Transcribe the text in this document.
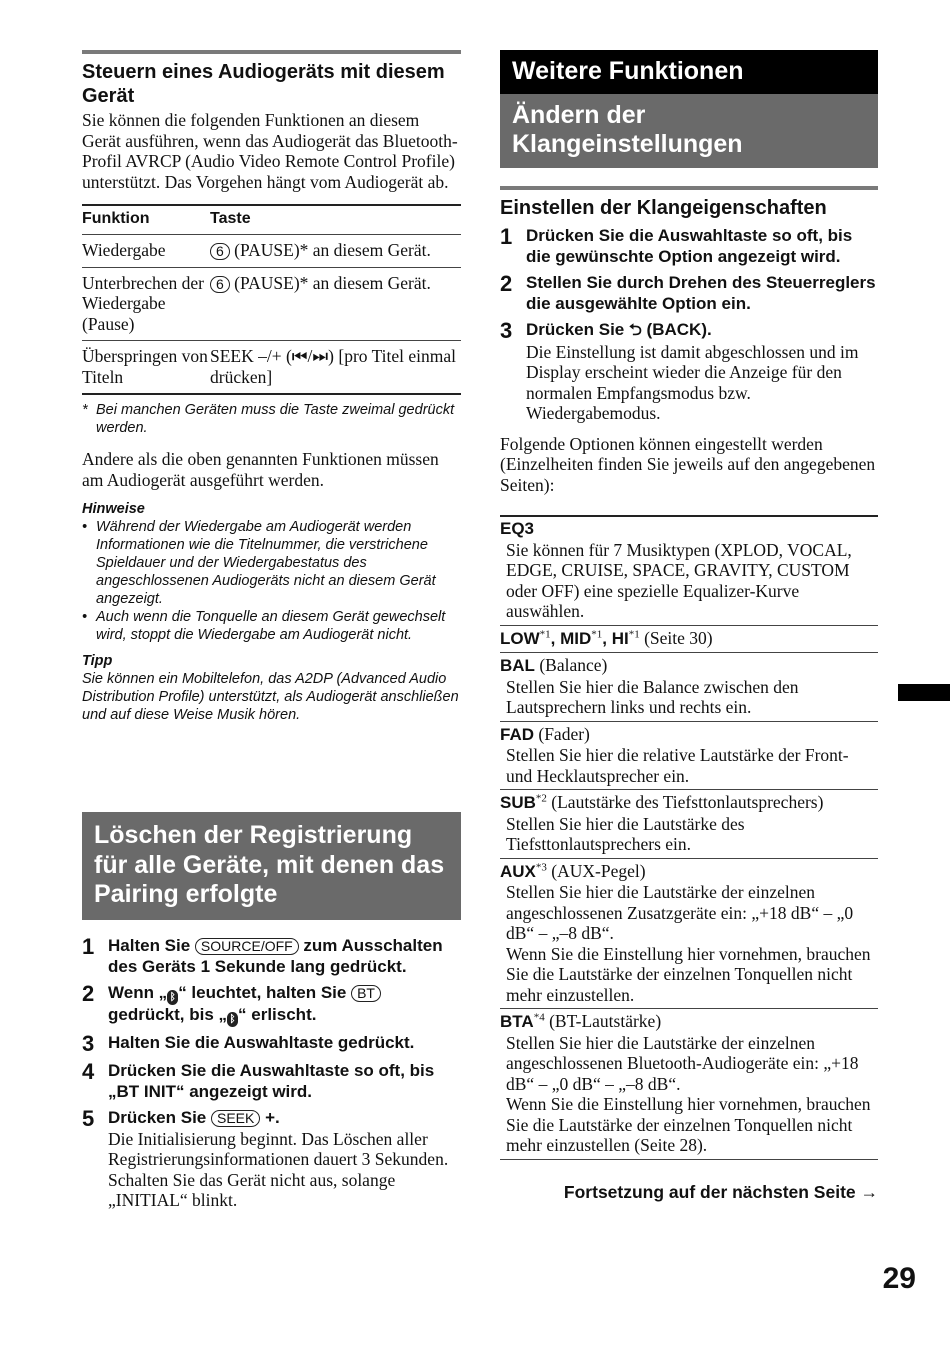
Steuern eines Audiogeräts mit diesem Gerät
Sie können die folgenden Funktionen an diesem Gerät ausführen, wenn das Audiogerät das Bluetooth-Profil AVRCP (Audio Video Remote Control Profile) unterstützt. Das Vorgehen hängt vom Audiogerät ab.
Funktion	Taste
Wiedergabe	6 (PAUSE)* an diesem Gerät.
Unterbrechen der Wiedergabe (Pause)	6 (PAUSE)* an diesem Gerät.
Überspringen von Titeln	SEEK –/+ (⏮/⏭) [pro Titel einmal drücken]
* Bei manchen Geräten muss die Taste zweimal gedrückt werden.
Andere als die oben genannten Funktionen müssen am Audiogerät ausgeführt werden.
Hinweise
• Während der Wiedergabe am Audiogerät werden Informationen wie die Titelnummer, die verstrichene Spieldauer und der Wiedergabestatus des angeschlossenen Audiogeräts nicht an diesem Gerät angezeigt.
• Auch wenn die Tonquelle an diesem Gerät gewechselt wird, stoppt die Wiedergabe am Audiogerät nicht.
Tipp
Sie können ein Mobiltelefon, das A2DP (Advanced Audio Distribution Profile) unterstützt, als Audiogerät anschließen und auf diese Weise Musik hören.
Löschen der Registrierung für alle Geräte, mit denen das Pairing erfolgte
1 Halten Sie SOURCE/OFF zum Ausschalten des Geräts 1 Sekunde lang gedrückt.
2 Wenn „ ᛒ “ leuchtet, halten Sie BT gedrückt, bis „ ᛒ “ erlischt.
3 Halten Sie die Auswahltaste gedrückt.
4 Drücken Sie die Auswahltaste so oft, bis „BT INIT“ angezeigt wird.
5 Drücken Sie SEEK +.
Die Initialisierung beginnt. Das Löschen aller Registrierungsinformationen dauert 3 Sekunden. Schalten Sie das Gerät nicht aus, solange „INITIAL“ blinkt.
Weitere Funktionen
Ändern der Klangeinstellungen
Einstellen der Klangeigenschaften
1 Drücken Sie die Auswahltaste so oft, bis die gewünschte Option angezeigt wird.
2 Stellen Sie durch Drehen des Steuerreglers die ausgewählte Option ein.
3 Drücken Sie ⮌ (BACK).
Die Einstellung ist damit abgeschlossen und im Display erscheint wieder die Anzeige für den normalen Empfangsmodus bzw. Wiedergabemodus.
Folgende Optionen können eingestellt werden (Einzelheiten finden Sie jeweils auf den angegebenen Seiten):
EQ3
Sie können für 7 Musiktypen (XPLOD, VOCAL, EDGE, CRUISE, SPACE, GRAVITY, CUSTOM oder OFF) eine spezielle Equalizer-Kurve auswählen.
LOW$^{*1}$, MID$^{*1}$, HI$^{*1}$ (Seite 30)
BAL (Balance)
Stellen Sie hier die Balance zwischen den Lautsprechern links und rechts ein.
FAD (Fader)
Stellen Sie hier die relative Lautstärke der Front- und Hecklautsprecher ein.
SUB$^{*2}$ (Lautstärke des Tiefsttonlautsprechers)
Stellen Sie hier die Lautstärke des Tiefsttonlautsprechers ein.
AUX$^{*3}$ (AUX-Pegel)
Stellen Sie hier die Lautstärke der einzelnen angeschlossenen Zusatzgeräte ein: „+18 dB“ – „0 dB“ – „–8 dB“.
Wenn Sie die Einstellung hier vornehmen, brauchen Sie die Lautstärke der einzelnen Tonquellen nicht mehr einzustellen.
BTA$^{*4}$ (BT-Lautstärke)
Stellen Sie hier die Lautstärke der einzelnen angeschlossenen Bluetooth-Audiogeräte ein: „+18 dB“ – „0 dB“ – „–8 dB“.
Wenn Sie die Einstellung hier vornehmen, brauchen Sie die Lautstärke der einzelnen Tonquellen nicht mehr einzustellen (Seite 28).
Fortsetzung auf der nächsten Seite →
29
